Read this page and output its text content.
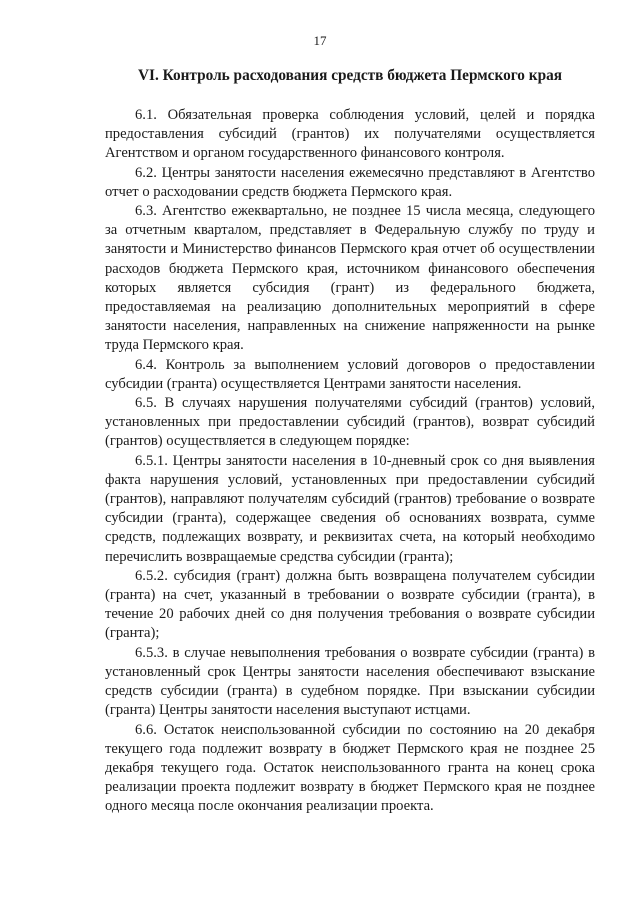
17
VI. Контроль расходования средств бюджета Пермского края

6.1. Обязательная проверка соблюдения условий, целей и порядка предоставления субсидий (грантов) их получателями осуществляется Агентством и органом государственного финансового контроля.

6.2. Центры занятости населения ежемесячно представляют в Агентство отчет о расходовании средств бюджета Пермского края.

6.3. Агентство ежеквартально, не позднее 15 числа месяца, следующего за отчетным кварталом, представляет в Федеральную службу по труду и занятости и Министерство финансов Пермского края отчет об осуществлении расходов бюджета Пермского края, источником финансового обеспечения которых является субсидия (грант) из федерального бюджета, предоставляемая на реализацию дополнительных мероприятий в сфере занятости населения, направленных на снижение напряженности на рынке труда Пермского края.

6.4. Контроль за выполнением условий договоров о предоставлении субсидии (гранта) осуществляется Центрами занятости населения.

6.5. В случаях нарушения получателями субсидий (грантов) условий, установленных при предоставлении субсидий (грантов), возврат субсидий (грантов) осуществляется в следующем порядке:

6.5.1. Центры занятости населения в 10-дневный срок со дня выявления факта нарушения условий, установленных при предоставлении субсидий (грантов), направляют получателям субсидий (грантов) требование о возврате субсидии (гранта), содержащее сведения об основаниях возврата, сумме средств, подлежащих возврату, и реквизитах счета, на который необходимо перечислить возвращаемые средства субсидии (гранта);

6.5.2. субсидия (грант) должна быть возвращена получателем субсидии (гранта) на счет, указанный в требовании о возврате субсидии (гранта), в течение 20 рабочих дней со дня получения требования о возврате субсидии (гранта);

6.5.3. в случае невыполнения требования о возврате субсидии (гранта) в установленный срок Центры занятости населения обеспечивают взыскание средств субсидии (гранта) в судебном порядке. При взыскании субсидии (гранта) Центры занятости населения выступают истцами.

6.6. Остаток неиспользованной субсидии по состоянию на 20 декабря текущего года подлежит возврату в бюджет Пермского края не позднее 25 декабря текущего года. Остаток неиспользованного гранта на конец срока реализации проекта подлежит возврату в бюджет Пермского края не позднее одного месяца после окончания реализации проекта.
